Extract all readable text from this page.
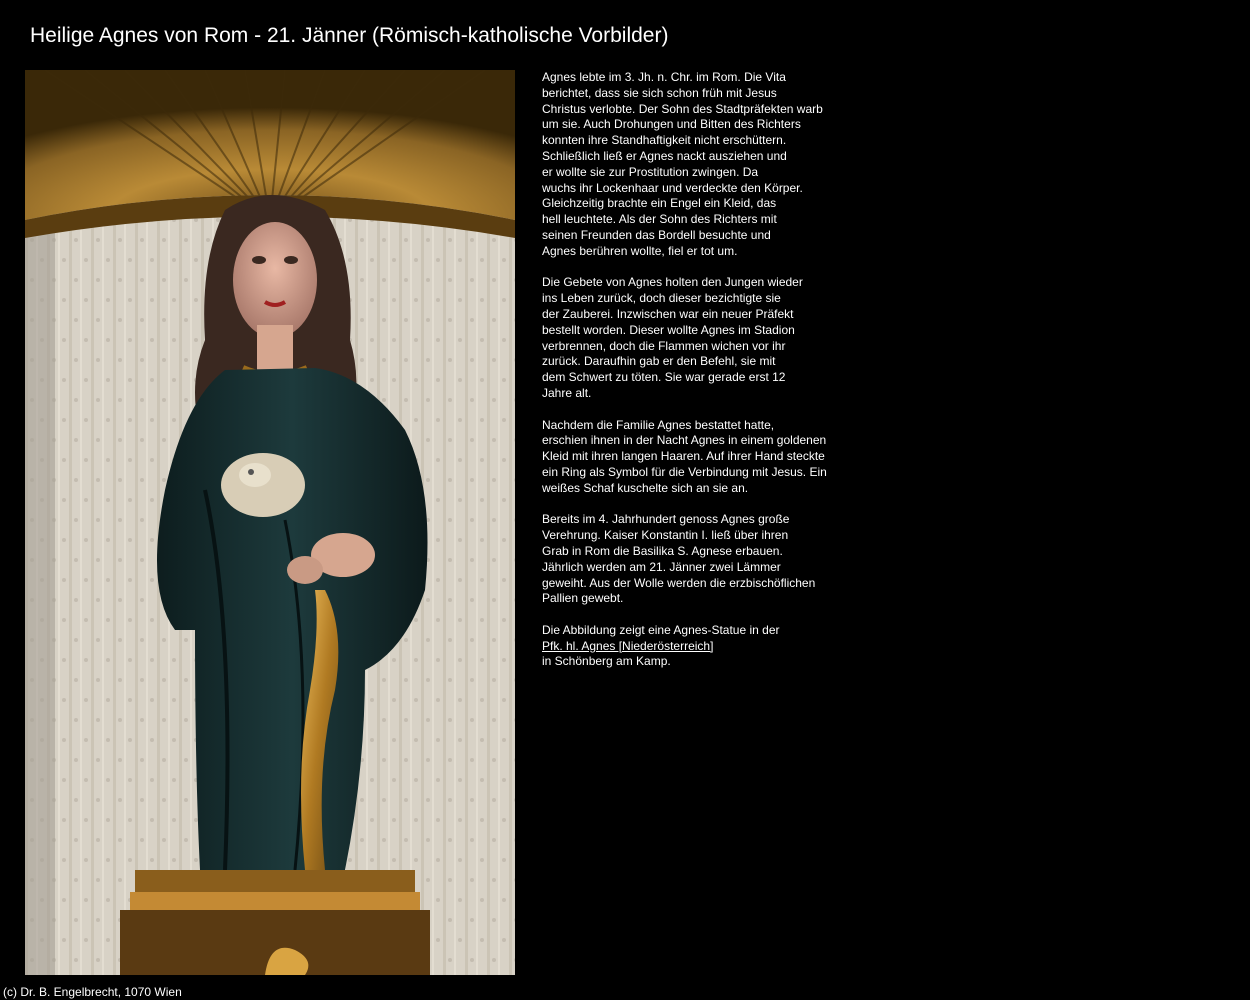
Heilige Agnes von Rom - 21. Jänner (Römisch-katholische Vorbilder)
Agnes lebte im 3. Jh. n. Chr. im Rom. Die Vita
berichtet, dass sie sich schon früh mit Jesus
Christus verlobte. Der Sohn des Stadtpräfekten warb
um sie. Auch Drohungen und Bitten des Richters
konnten ihre Standhaftigkeit nicht erschüttern.
Schließlich ließ er Agnes nackt ausziehen und
er wollte sie zur Prostitution zwingen. Da
wuchs ihr Lockenhaar und verdeckte den Körper.
Gleichzeitig brachte ein Engel ein Kleid, das
hell leuchtete. Als der Sohn des Richters mit
seinen Freunden das Bordell besuchte und
Agnes berühren wollte, fiel er tot um.
Die Gebete von Agnes holten den Jungen wieder
ins Leben zurück, doch dieser bezichtigte sie
der Zauberei. Inzwischen war ein neuer Präfekt
bestellt worden. Dieser wollte Agnes im Stadion
verbrennen, doch die Flammen wichen vor ihr
zurück. Daraufhin gab er den Befehl, sie mit
dem Schwert zu töten. Sie war gerade erst 12
Jahre alt.
Nachdem die Familie Agnes bestattet hatte,
erschien ihnen in der Nacht Agnes in einem goldenen
Kleid mit ihren langen Haaren. Auf ihrer Hand steckte
ein Ring als Symbol für die Verbindung mit Jesus. Ein
weißes Schaf kuschelte sich an sie an.
Bereits im 4. Jahrhundert genoss Agnes große
Verehrung. Kaiser Konstantin I. ließ über ihren
Grab in Rom die Basilika S. Agnese erbauen.
Jährlich werden am 21. Jänner zwei Lämmer
geweiht. Aus der Wolle werden die erzbischöflichen
Pallien gewebt.
Die Abbildung zeigt eine Agnes-Statue in der
Pfk. hl. Agnes [Niederösterreich]
in Schönberg am Kamp.
(c) Dr. B. Engelbrecht, 1070 Wien
